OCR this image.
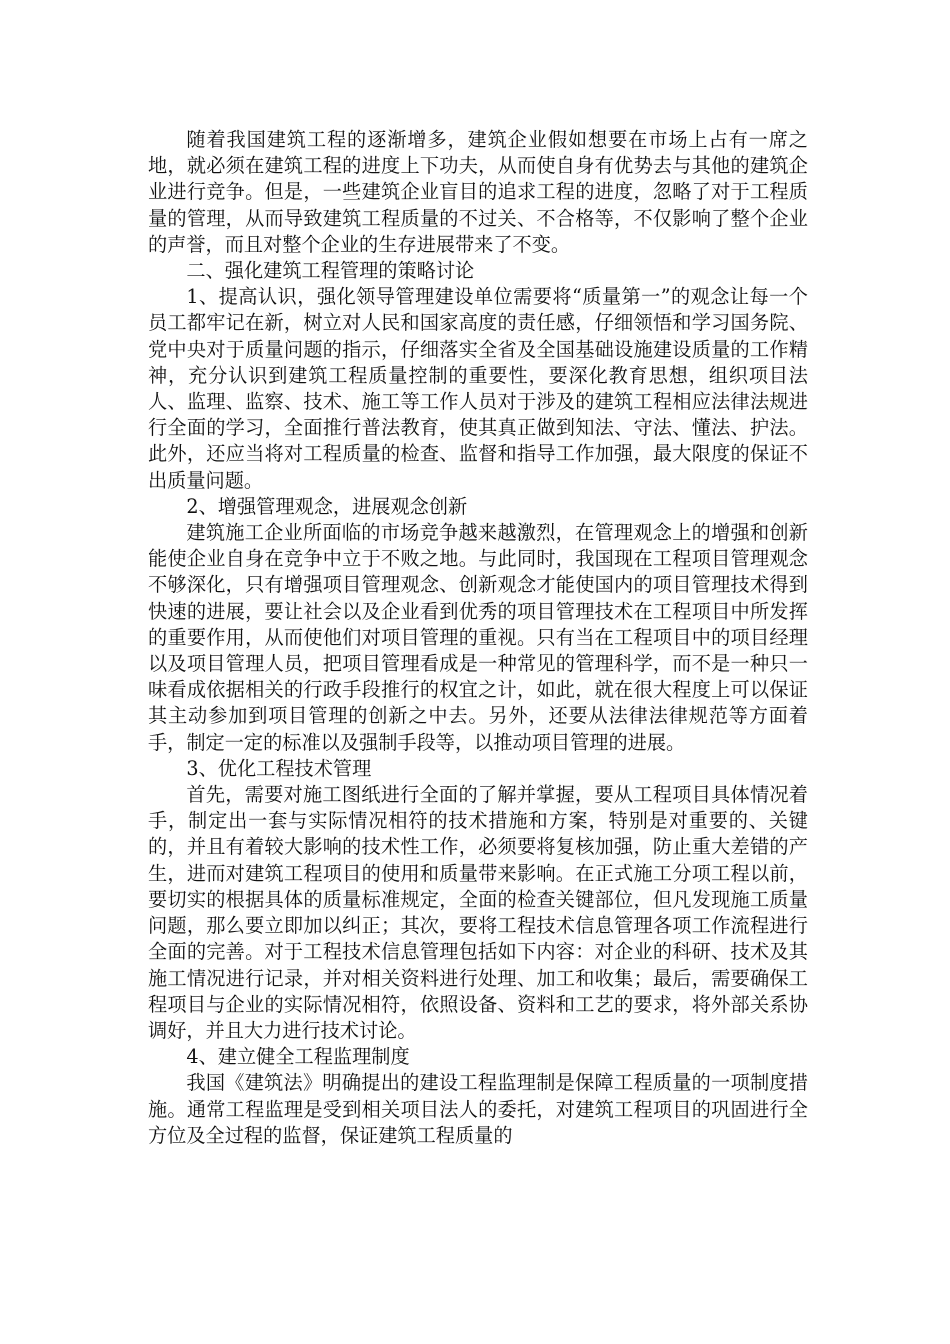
随着我国建筑工程的逐渐增多，建筑企业假如想要在市场上占有一席之地，就必须在建筑工程的进度上下功夫，从而使自身有优势去与其他的建筑企业进行竞争。但是，一些建筑企业盲目的追求工程的进度，忽略了对于工程质量的管理，从而导致建筑工程质量的不过关、不合格等，不仅影响了整个企业的声誉，而且对整个企业的生存进展带来了不变。

二、强化建筑工程管理的策略讨论

1、提高认识，强化领导管理建设单位需要将“质量第一”的观念让每一个员工都牢记在新，树立对人民和国家高度的责任感，仔细领悟和学习国务院、党中央对于质量问题的指示，仔细落实全省及全国基础设施建设质量的工作精神，充分认识到建筑工程质量控制的重要性，要深化教育思想，组织项目法人、监理、监察、技术、施工等工作人员对于涉及的建筑工程相应法律法规进行全面的学习，全面推行普法教育，使其真正做到知法、守法、懂法、护法。此外，还应当将对工程质量的检查、监督和指导工作加强，最大限度的保证不出质量问题。

2、增强管理观念，进展观念创新

建筑施工企业所面临的市场竞争越来越激烈，在管理观念上的增强和创新能使企业自身在竞争中立于不败之地。与此同时，我国现在工程项目管理观念不够深化，只有增强项目管理观念、创新观念才能使国内的项目管理技术得到快速的进展，要让社会以及企业看到优秀的项目管理技术在工程项目中所发挥的重要作用，从而使他们对项目管理的重视。只有当在工程项目中的项目经理以及项目管理人员，把项目管理看成是一种常见的管理科学，而不是一种只一味看成依据相关的行政手段推行的权宜之计，如此，就在很大程度上可以保证其主动参加到项目管理的创新之中去。另外，还要从法律法律规范等方面着手，制定一定的标准以及强制手段等，以推动项目管理的进展。

3、优化工程技术管理

首先，需要对施工图纸进行全面的了解并掌握，要从工程项目具体情况着手，制定出一套与实际情况相符的技术措施和方案，特别是对重要的、关键的，并且有着较大影响的技术性工作，必须要将复核加强，防止重大差错的产生，进而对建筑工程项目的使用和质量带来影响。在正式施工分项工程以前，要切实的根据具体的质量标准规定，全面的检查关键部位，但凡发现施工质量问题，那么要立即加以纠正；其次，要将工程技术信息管理各项工作流程进行全面的完善。对于工程技术信息管理包括如下内容：对企业的科研、技术及其施工情况进行记录，并对相关资料进行处理、加工和收集；最后，需要确保工程项目与企业的实际情况相符，依照设备、资料和工艺的要求，将外部关系协调好，并且大力进行技术讨论。

4、建立健全工程监理制度

我国《建筑法》明确提出的建设工程监理制是保障工程质量的一项制度措施。通常工程监理是受到相关项目法人的委托，对建筑工程项目的巩固进行全方位及全过程的监督，保证建筑工程质量的
